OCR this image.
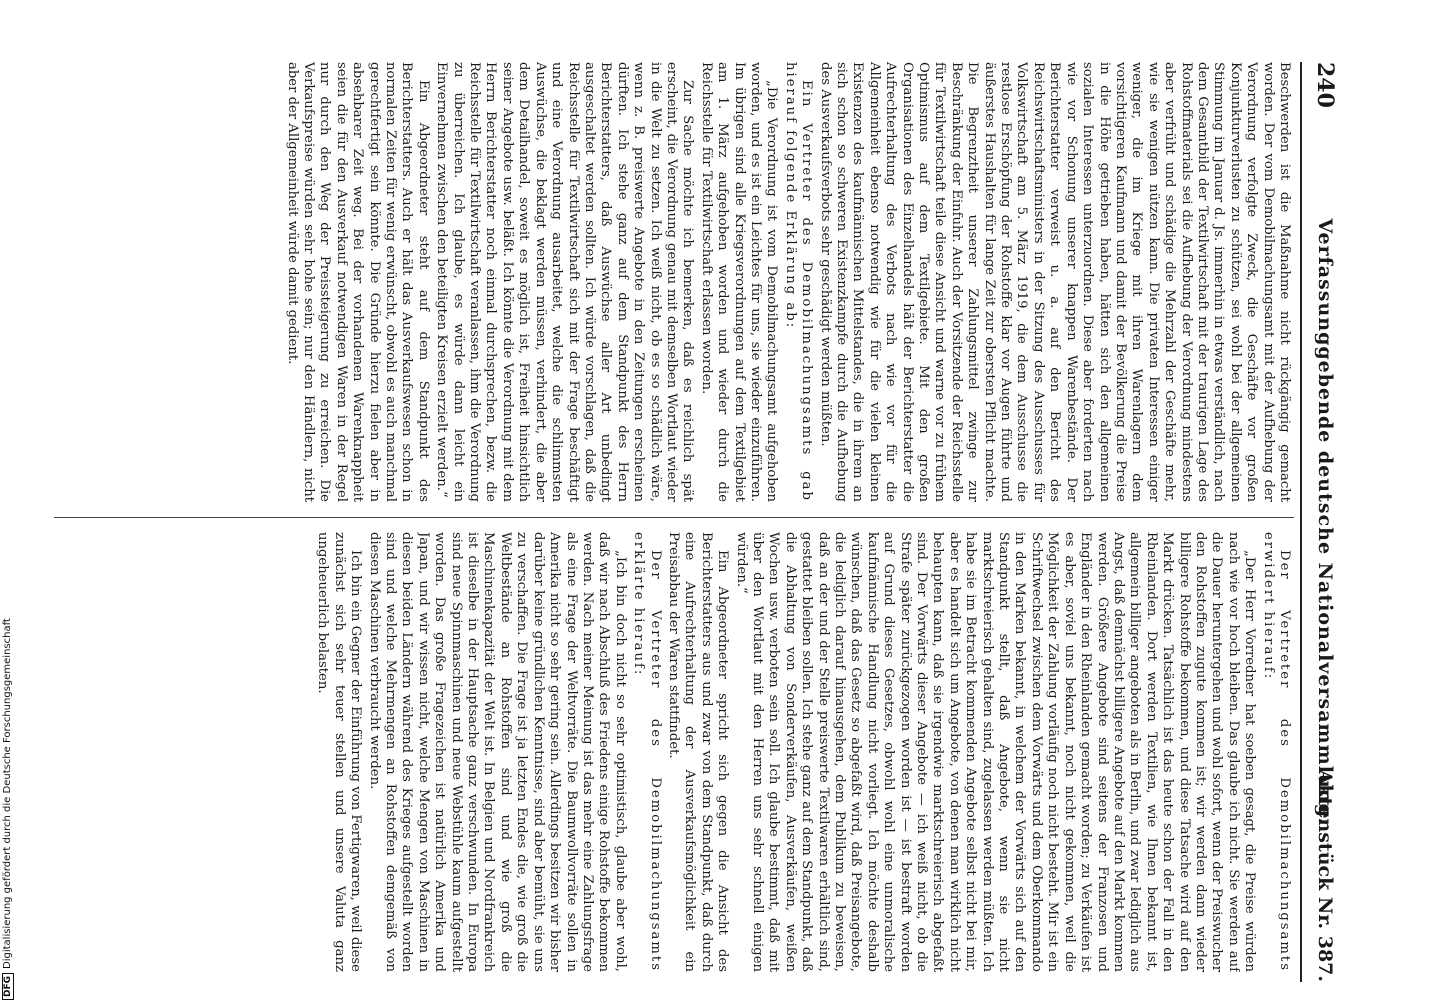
240
Verfassunggebende deutsche Nationalversammlung.
Aktenstück Nr. 387.

Beschwerden ist die Maßnahme nicht rückgängig gemacht worden. Der vom Demobilmachungsamt mit der Aufhebung der Verordnung verfolgte Zweck, die Geschäfte vor großen Konjunkturverlusten zu schützen, sei wohl bei der allgemeinen Stimmung im Januar d. Js. immerhin in etwas verständlich, nach dem Gesamtbild der Textilwirtschaft mit der traurigen Lage des Rohstoffmaterials sei die Aufhebung der Verordnung mindestens aber verfrüht und schädige die Mehrzahl der Geschäfte mehr, wie sie wenigen nützen kann. Die privaten Interessen einiger weniger, die im Kriege mit ihren Warenlagern dem vorsichtigeren Kaufmann und damit der Bevölkerung die Preise in die Höhe getrieben haben, hätten sich den allgemeinen sozialen Interessen unterzuordnen. Diese aber forderten nach wie vor Schonung unserer knappen Warenbestände. Der Berichterstatter verweist u. a. auf den Bericht des Reichswirtschaftsministers in der Sitzung des Ausschusses für Volkswirtschaft am 5. März 1919, die dem Ausschusse die restlose Erschöpfung der Rohstoffe klar vor Augen führte und äußerstes Haushalten für lange Zeit zur obersten Pflicht machte. Die Begrenztheit unserer Zahlungsmittel zwinge zur Beschränkung der Einfuhr. Auch der Vorsitzende der Reichsstelle für Textilwirtschaft teile diese Ansicht und warne vor zu frühem Optimismus auf dem Textilgebiete. Mit den großen Organisationen des Einzelhandels hält der Berichterstatter die Aufrechterhaltung des Verbots nach wie vor für die Allgemeinheit ebenso notwendig wie für die vielen kleinen Existenzen des kaufmännischen Mittelstandes, die in ihrem an sich schon so schweren Existenzkampfe durch die Aufhebung des Ausverkaufsverbots sehr geschädigt werden müßten.

Ein Vertreter des Demobilmachungsamts gab hierauf folgende Erklärung ab:

„Die Verordnung ist vom Demobilmachungsamt aufgehoben worden, und es ist ein Leichtes für uns, sie wieder einzuführen. Im übrigen sind alle Kriegsverordnungen auf dem Textilgebiet am 1. März aufgehoben worden und wieder durch die Reichsstelle für Textilwirtschaft erlassen worden.

Zur Sache möchte ich bemerken, daß es reichlich spät erscheint, die Verordnung genau mit demselben Wortlaut wieder in die Welt zu setzen. Ich weiß nicht, ob es so schädlich wäre, wenn z. B. preiswerte Angebote in den Zeitungen erscheinen dürften. Ich stehe ganz auf dem Standpunkt des Herrn Berichterstatters, daß Auswüchse aller Art unbedingt ausgeschaltet werden sollten. Ich würde vorschlagen, daß die Reichsstelle für Textilwirtschaft sich mit der Frage beschäftigt und eine Verordnung ausarbeitet, welche die schlimmsten Auswüchse, die beklagt werden müssen, verhindert, die aber dem Detailhandel, soweit es möglich ist, Freiheit hinsichtlich seiner Angebote usw. beläßt. Ich könnte die Verordnung mit dem Herrn Berichterstatter noch einmal durchsprechen, bezw. die Reichsstelle für Textilwirtschaft veranlassen, ihm die Verordnung zu überreichen. Ich glaube, es würde dann leicht ein Einvernehmen zwischen den beteiligten Kreisen erzielt werden.“

Ein Abgeordneter steht auf dem Standpunkt des Berichterstatters. Auch er hält das Ausverkaufswesen schon in normalen Zeiten für wenig erwünscht, obwohl es auch manchmal gerechtfertigt sein könnte. Die Gründe hierzu fielen aber in absehbarer Zeit weg. Bei der vorhandenen Warenknappheit seien die für den Ausverkauf notwendigen Waren in der Regel nur durch den Weg der Preissteigerung zu erreichen. Die Verkaufspreise würden sehr hohe sein; nur den Händlern, nicht aber der Allgemeinheit würde damit gedient.

Der Vertreter des Demobilmachungsamts erwidert hierauf:

„Der Herr Vorredner hat soeben gesagt, die Preise würden nach wie vor hoch bleiben. Das glaube ich nicht. Sie werden auf die Dauer heruntergehen und wohl sofort, wenn der Preiswucher den Rohstoffen zugute kommen ist; wir werden dann wieder billigere Rohstoffe bekommen, und diese Tatsache wird auf den Markt drücken. Tatsächlich ist das heute schon der Fall in den Rheinlanden. Dort werden Textilien, wie Ihnen bekannt ist, allgemein billiger angeboten als in Berlin, und zwar lediglich aus Angst, daß demnächst billigere Angebote auf den Markt kommen werden. Größere Angebote sind seitens der Franzosen und Engländer in den Rheinlanden gemacht worden; zu Verkäufen ist es aber, soviel uns bekannt, noch nicht gekommen, weil die Möglichkeit der Zahlung vorläufig noch nicht besteht. Mir ist ein Schriftwechsel zwischen dem Vorwärts und dem Oberkommando in den Marken bekannt, in welchem der Vorwärts sich auf den Standpunkt stellt, daß Angebote, wenn sie nicht marktschreierisch gehalten sind, zugelassen werden müßten. Ich habe sie im Betracht kommenden Angebote selbst nicht bei mir, aber es handelt sich um Angebote, von denen man wirklich nicht behaupten kann, daß sie irgendwie marktschreierisch abgefaßt sind. Der Vorwärts dieser Angebote — ich weiß nicht, ob die Strafe später zurückgezogen worden ist — ist bestraft worden auf Grund dieses Gesetzes, obwohl wohl eine unmoralische kaufmännische Handlung nicht vorliegt. Ich möchte deshalb wünschen, daß das Gesetz so abgefaßt wird, daß Preisangebote, die lediglich darauf hinausgehen, dem Publikum zu beweisen, daß an der und der Stelle preiswerte Textilwaren erhältlich sind, gestattet bleiben sollen. Ich stehe ganz auf dem Standpunkt, daß die Abhaltung von Sonderverkäufen, Ausverkäufen, weißen Wochen usw. verboten sein soll. Ich glaube bestimmt, daß mit über den Wortlaut mit den Herren uns sehr schnell einigen würden.“

Ein Abgeordneter spricht sich gegen die Ansicht des Berichterstatters aus und zwar von dem Standpunkt, daß durch eine Aufrechterhaltung der Ausverkaufsmöglichkeit ein Preisabbau der Waren stattfindet.

Der Vertreter des Demobilmachungsamts erklärte hierauf:

„Ich bin doch nicht so sehr optimistisch, glaube aber wohl, daß wir nach Abschluß des Friedens einige Rohstoffe bekommen werden. Nach meiner Meinung ist das mehr eine Zahlungsfrage als eine Frage der Weltvorräte. Die Baumwollvorräte sollen in Amerika nicht so sehr gering sein. Allerdings besitzen wir bisher darüber keine gründlichen Kenntnisse, sind aber bemüht, sie uns zu verschaffen. Die Frage ist ja letzten Endes die, wie groß die Weltbestände an Rohstoffen sind und wie groß die Maschinenkapazität der Welt ist. In Belgien und Nordfrankreich ist dieselbe in der Hauptsache ganz verschwunden. In Europa sind neue Spinnmaschinen und neue Webstühle kaum aufgestellt worden. Das große Fragezeichen ist natürlich Amerika und Japan, und wir wissen nicht, welche Mengen von Maschinen in diesen beiden Ländern während des Krieges aufgestellt worden sind und welche Mehrmengen an Rohstoffen demgemäß von diesen Maschinen verbraucht werden.

Ich bin ein Gegner der Einführung von Fertigwaren, weil diese zunächst sich sehr teuer stellen und unsere Valuta ganz ungeheuerlich belasten.

DFGDigitalisierung gefördert durch die Deutsche Forschungsgemeinschaft
